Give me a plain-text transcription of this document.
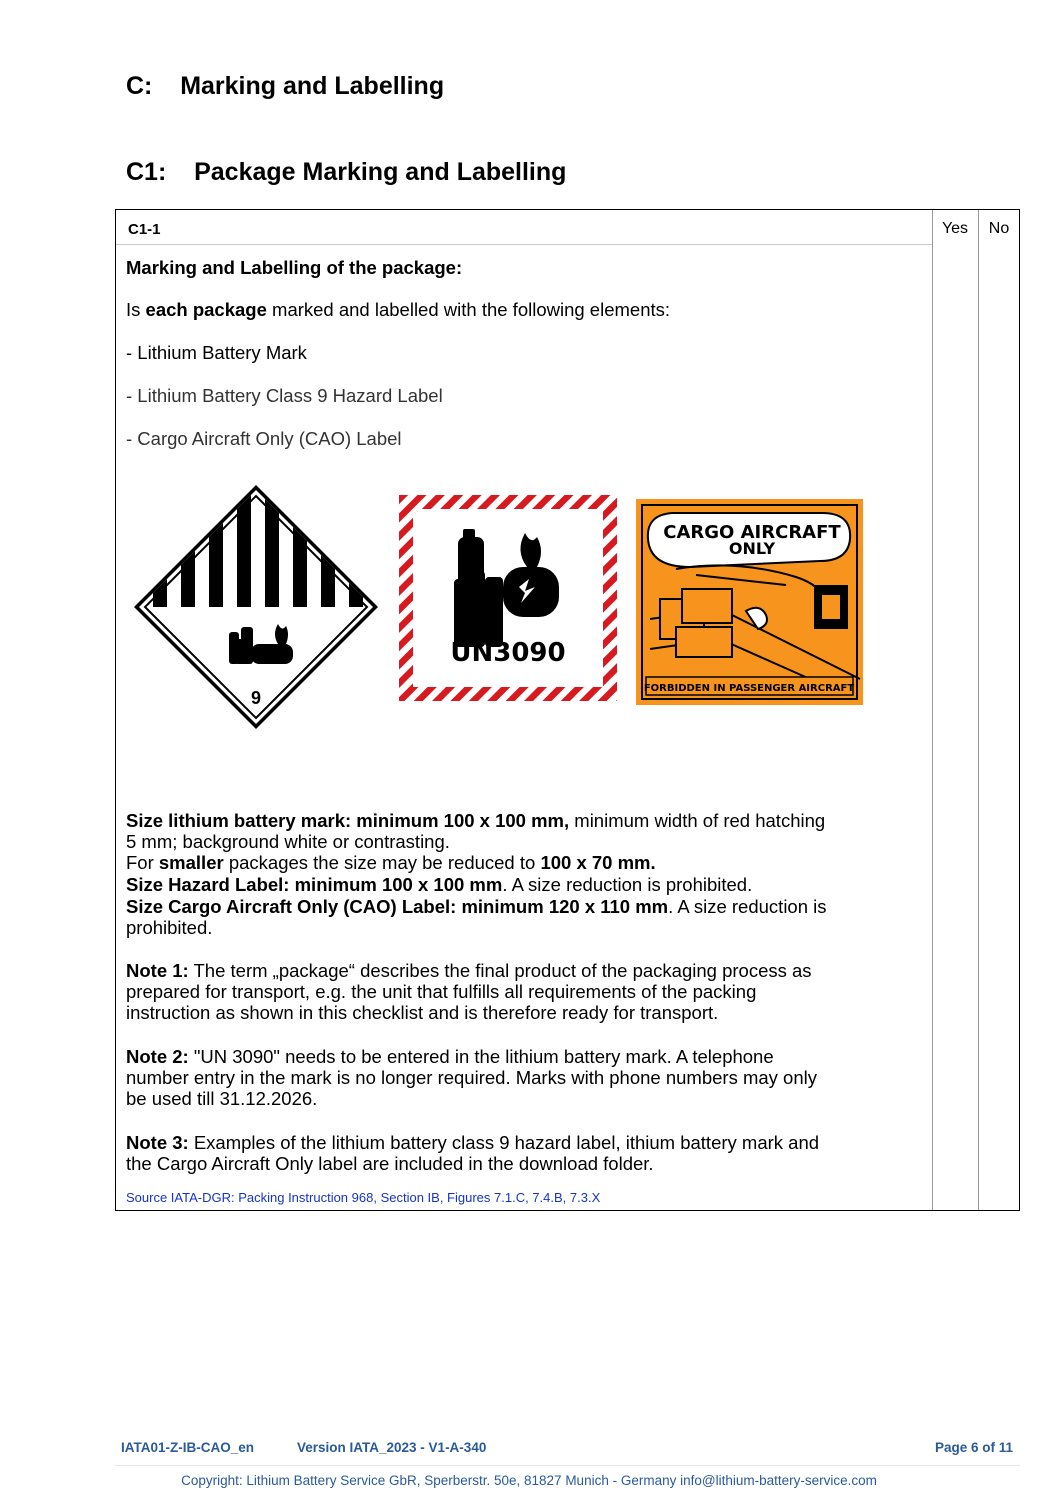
C: Marking and Labelling
C1: Package Marking and Labelling
C1-1	Yes	No
Marking and Labelling of the package:
Is each package marked and labelled with the following elements:
- Lithium Battery Mark
- Lithium Battery Class 9 Hazard Label
- Cargo Aircraft Only (CAO) Label
9
UN3090
CARGO AIRCRAFT
ONLY
FORBIDDEN IN PASSENGER AIRCRAFT
Size lithium battery mark: minimum 100 x 100 mm, minimum width of red hatching
5 mm; background white or contrasting.
For smaller packages the size may be reduced to 100 x 70 mm.
Size Hazard Label: minimum 100 x 100 mm. A size reduction is prohibited.
Size Cargo Aircraft Only (CAO) Label: minimum 120 x 110 mm. A size reduction is
prohibited.
Note 1: The term „package“ describes the final product of the packaging process as
prepared for transport, e.g. the unit that fulfills all requirements of the packing
instruction as shown in this checklist and is therefore ready for transport.
Note 2: "UN 3090" needs to be entered in the lithium battery mark. A telephone
number entry in the mark is no longer required. Marks with phone numbers may only
be used till 31.12.2026.
Note 3: Examples of the lithium battery class 9 hazard label, ithium battery mark and
the Cargo Aircraft Only label are included in the download folder.
Source IATA-DGR: Packing Instruction 968, Section IB, Figures 7.1.C, 7.4.B, 7.3.X
IATA01-Z-IB-CAO_en	Version IATA_2023 - V1-A-340	Page 6 of 11
Copyright: Lithium Battery Service GbR, Sperberstr. 50e, 81827 Munich - Germany info@lithium-battery-service.com
